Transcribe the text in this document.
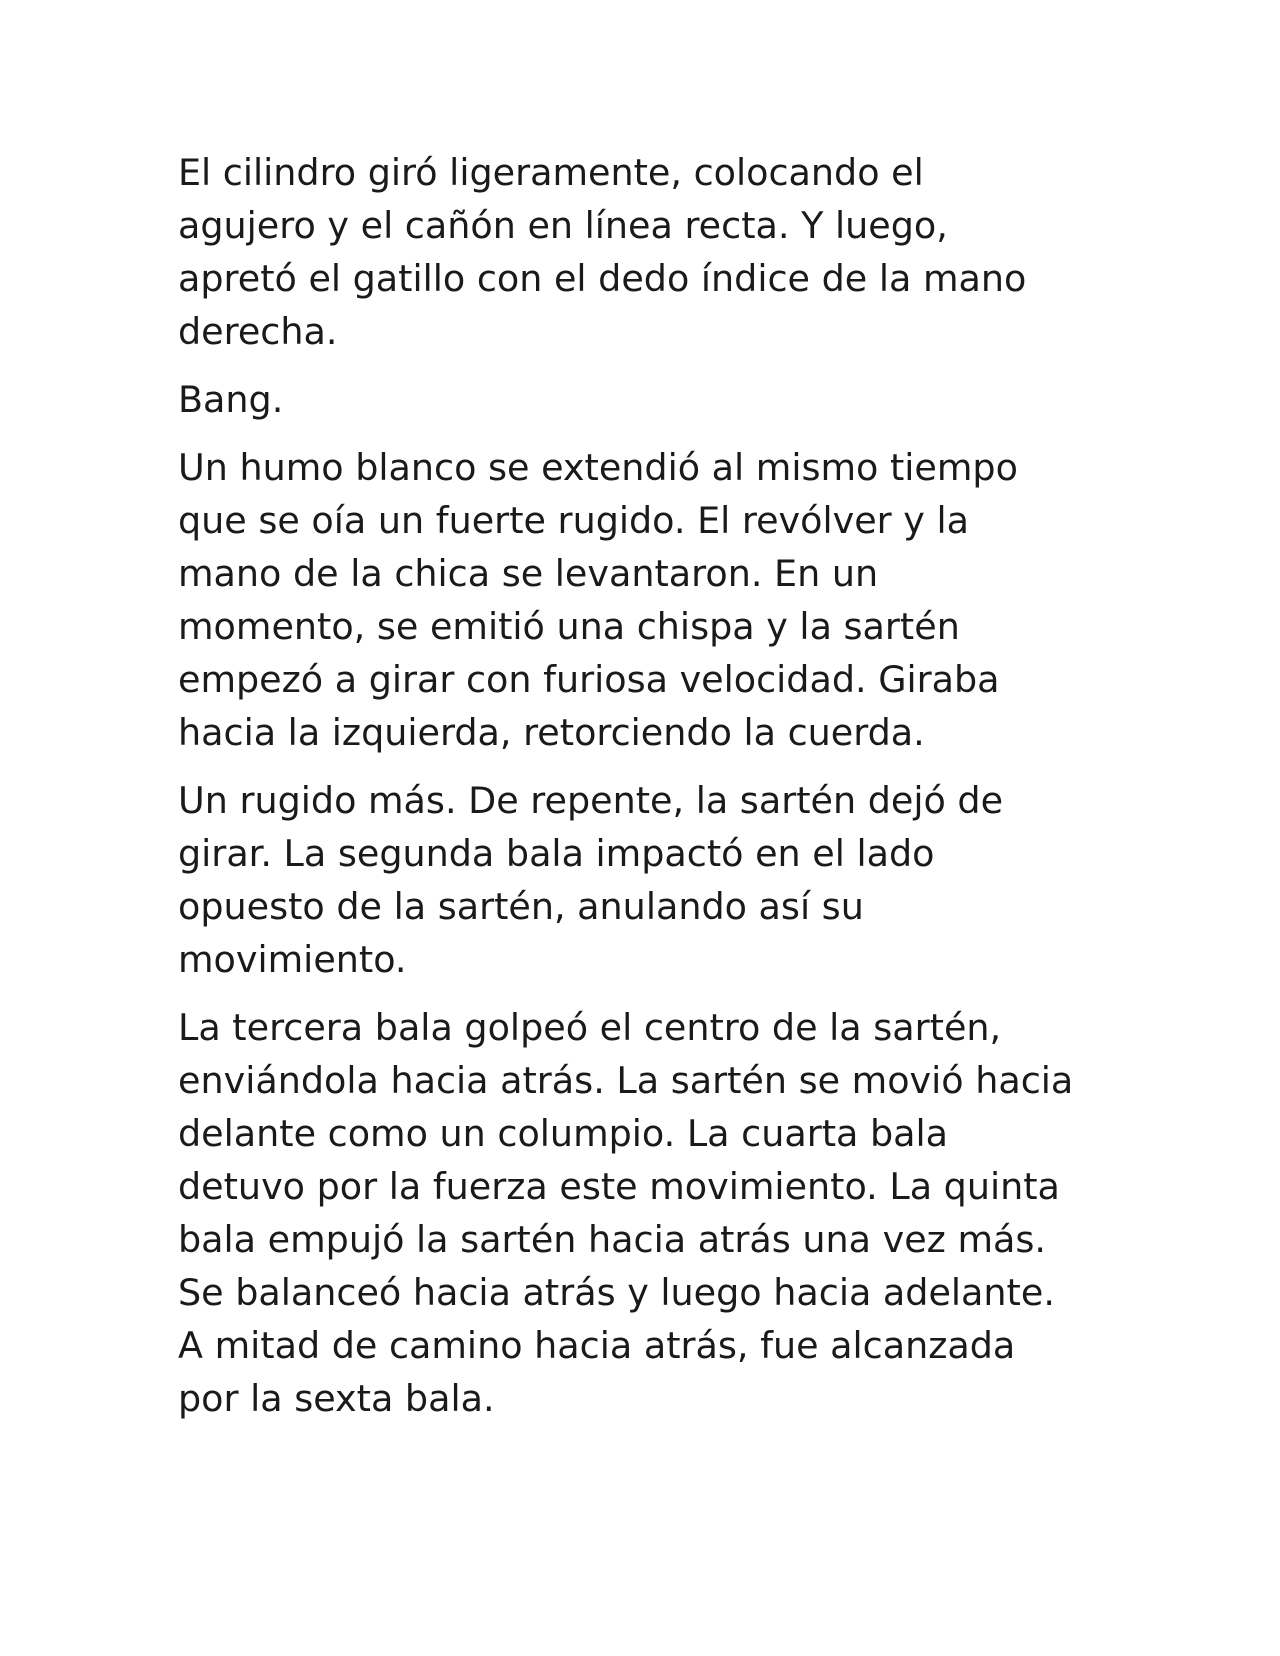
El cilindro giró ligeramente, colocando el
agujero y el cañón en línea recta. Y luego,
apretó el gatillo con el dedo índice de la mano
derecha.

Bang.

Un humo blanco se extendió al mismo tiempo
que se oía un fuerte rugido. El revólver y la
mano de la chica se levantaron. En un
momento, se emitió una chispa y la sartén
empezó a girar con furiosa velocidad. Giraba
hacia la izquierda, retorciendo la cuerda.

Un rugido más. De repente, la sartén dejó de
girar. La segunda bala impactó en el lado
opuesto de la sartén, anulando así su
movimiento.

La tercera bala golpeó el centro de la sartén,
enviándola hacia atrás. La sartén se movió hacia
delante como un columpio. La cuarta bala
detuvo por la fuerza este movimiento. La quinta
bala empujó la sartén hacia atrás una vez más.
Se balanceó hacia atrás y luego hacia adelante.
A mitad de camino hacia atrás, fue alcanzada
por la sexta bala.
